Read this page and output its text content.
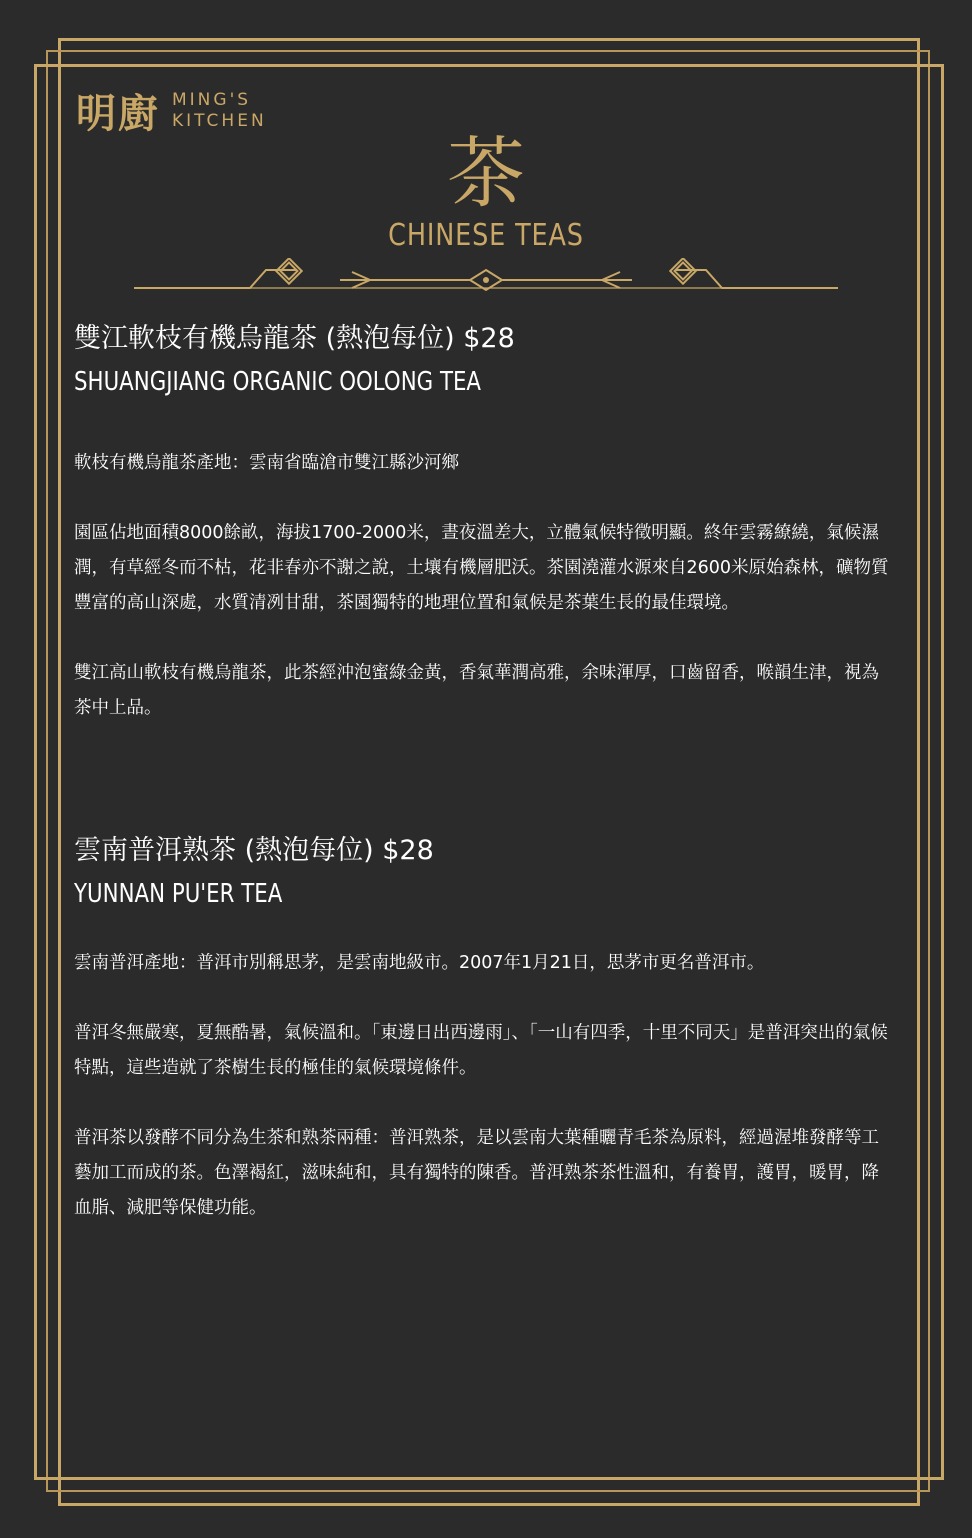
明廚 MING'S
KITCHEN
茶
CHINESE TEAS
雙江軟枝有機烏龍茶 (熱泡每位) $28
SHUANGJIANG ORGANIC OOLONG TEA

軟枝有機烏龍茶產地：雲南省臨滄市雙江縣沙河鄉

園區佔地面積8000餘畝，海拔1700-2000米，晝夜溫差大，立體氣候特徵明顯。終年雲霧繚繞，氣候濕潤，有草經冬而不枯，花非春亦不謝之說，土壤有機層肥沃。茶園澆灌水源來自2600米原始森林，礦物質豐富的高山深處，水質清冽甘甜，茶園獨特的地理位置和氣候是茶葉生長的最佳環境。

雙江高山軟枝有機烏龍茶，此茶經沖泡蜜綠金黃，香氣華潤高雅，余味渾厚，口齒留香，喉韻生津，視為茶中上品。

雲南普洱熟茶 (熱泡每位) $28
YUNNAN PU'ER TEA

雲南普洱產地：普洱市別稱思茅，是雲南地級市。2007年1月21日，思茅市更名普洱市。

普洱冬無嚴寒，夏無酷暑，氣候溫和。「東邊日出西邊雨」、「一山有四季，十里不同天」是普洱突出的氣候特點，這些造就了茶樹生長的極佳的氣候環境條件。

普洱茶以發酵不同分為生茶和熟茶兩種：普洱熟茶，是以雲南大葉種曬青毛茶為原料，經過渥堆發酵等工藝加工而成的茶。色澤褐紅，滋味純和，具有獨特的陳香。普洱熟茶茶性溫和，有養胃，護胃，暖胃，降血脂、減肥等保健功能。
